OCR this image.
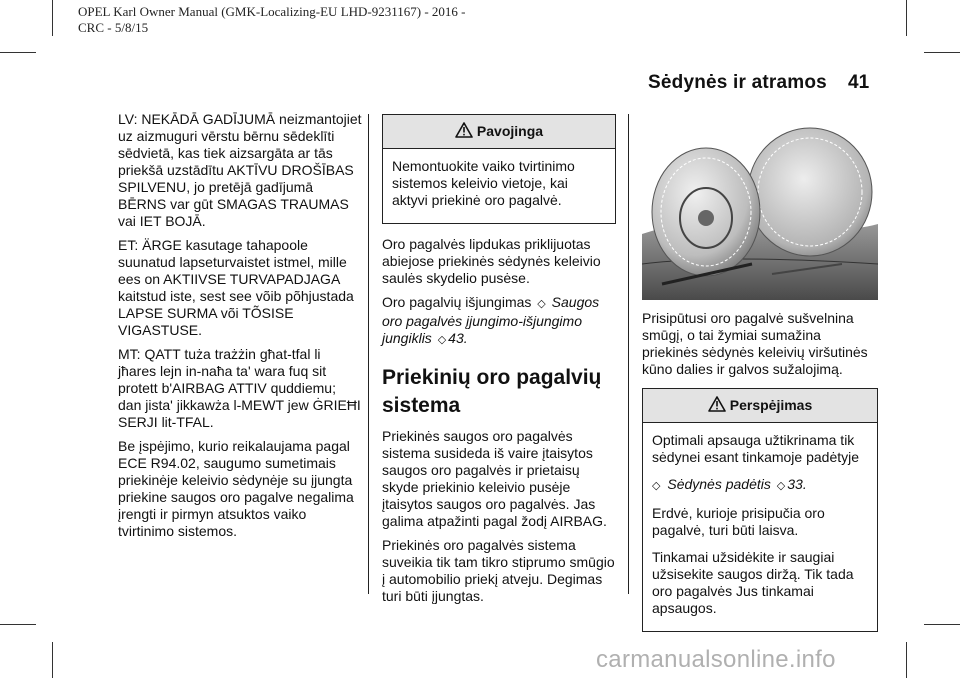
OPEL Karl Owner Manual (GMK-Localizing-EU LHD-9231167) - 2016 -
CRC - 5/8/15
Sėdynės ir atramos 41

LV: NEKĀDĀ GADĪJUMĀ neizmantojiet uz aizmuguri vērstu bērnu sēdeklīti sēdvietā, kas tiek aizsargāta ar tās priekšā uzstādītu AKTĪVU DROŠĪBAS SPILVENU, jo pretējā gadījumā BĒRNS var gūt SMAGAS TRAUMAS vai IET BOJĀ.

ET: ÄRGE kasutage tahapoole suunatud lapseturvaistet istmel, mille ees on AKTIIVSE TURVAPADJAGA kaitstud iste, sest see võib põhjustada LAPSE SURMA või TÕSISE VIGASTUSE.

MT: QATT tuża trażżin għat-tfal li jħares lejn in-naħa ta' wara fuq sit protett b'AIRBAG ATTIV quddiemu; dan jista' jikkawża l-MEWT jew ĠRIEĦI SERJI lit-TFAL.

Be įspėjimo, kurio reikalaujama pagal ECE R94.02, saugumo sumetimais priekinėje keleivio sėdynėje su įjungta priekine saugos oro pagalve negalima įrengti ir pirmyn atsuktos vaiko tvirtinimo sistemos.

Pavojinga

Nemontuokite vaiko tvirtinimo sistemos keleivio vietoje, kai aktyvi priekinė oro pagalvė.

Oro pagalvės lipdukas priklijuotas abiejose priekinės sėdynės keleivio saulės skydelio pusėse.

Oro pagalvių išjungimas ◇ Saugos oro pagalvės įjungimo-išjungimo jungiklis ◇ 43.

Priekinių oro pagalvių sistema

Priekinės saugos oro pagalvės sistema susideda iš vaire įtaisytos saugos oro pagalvės ir prietaisų skyde priekinio keleivio pusėje įtaisytos saugos oro pagalvės. Jas galima atpažinti pagal žodį AIRBAG.

Priekinės oro pagalvės sistema suveikia tik tam tikro stiprumo smūgio į automobilio priekį atveju. Degimas turi būti įjungtas.

Prisipūtusi oro pagalvė sušvelnina smūgį, o tai žymiai sumažina priekinės sėdynės keleivių viršutinės kūno dalies ir galvos sužalojimą.

Perspėjimas

Optimali apsauga užtikrinama tik sėdynei esant tinkamoje padėtyje

◇ Sėdynės padėtis ◇ 33.

Erdvė, kurioje prisipučia oro pagalvė, turi būti laisva.

Tinkamai užsidėkite ir saugiai užsisekite saugos diržą. Tik tada oro pagalvės Jus tinkamai apsaugos.

carmanualsonline.info
